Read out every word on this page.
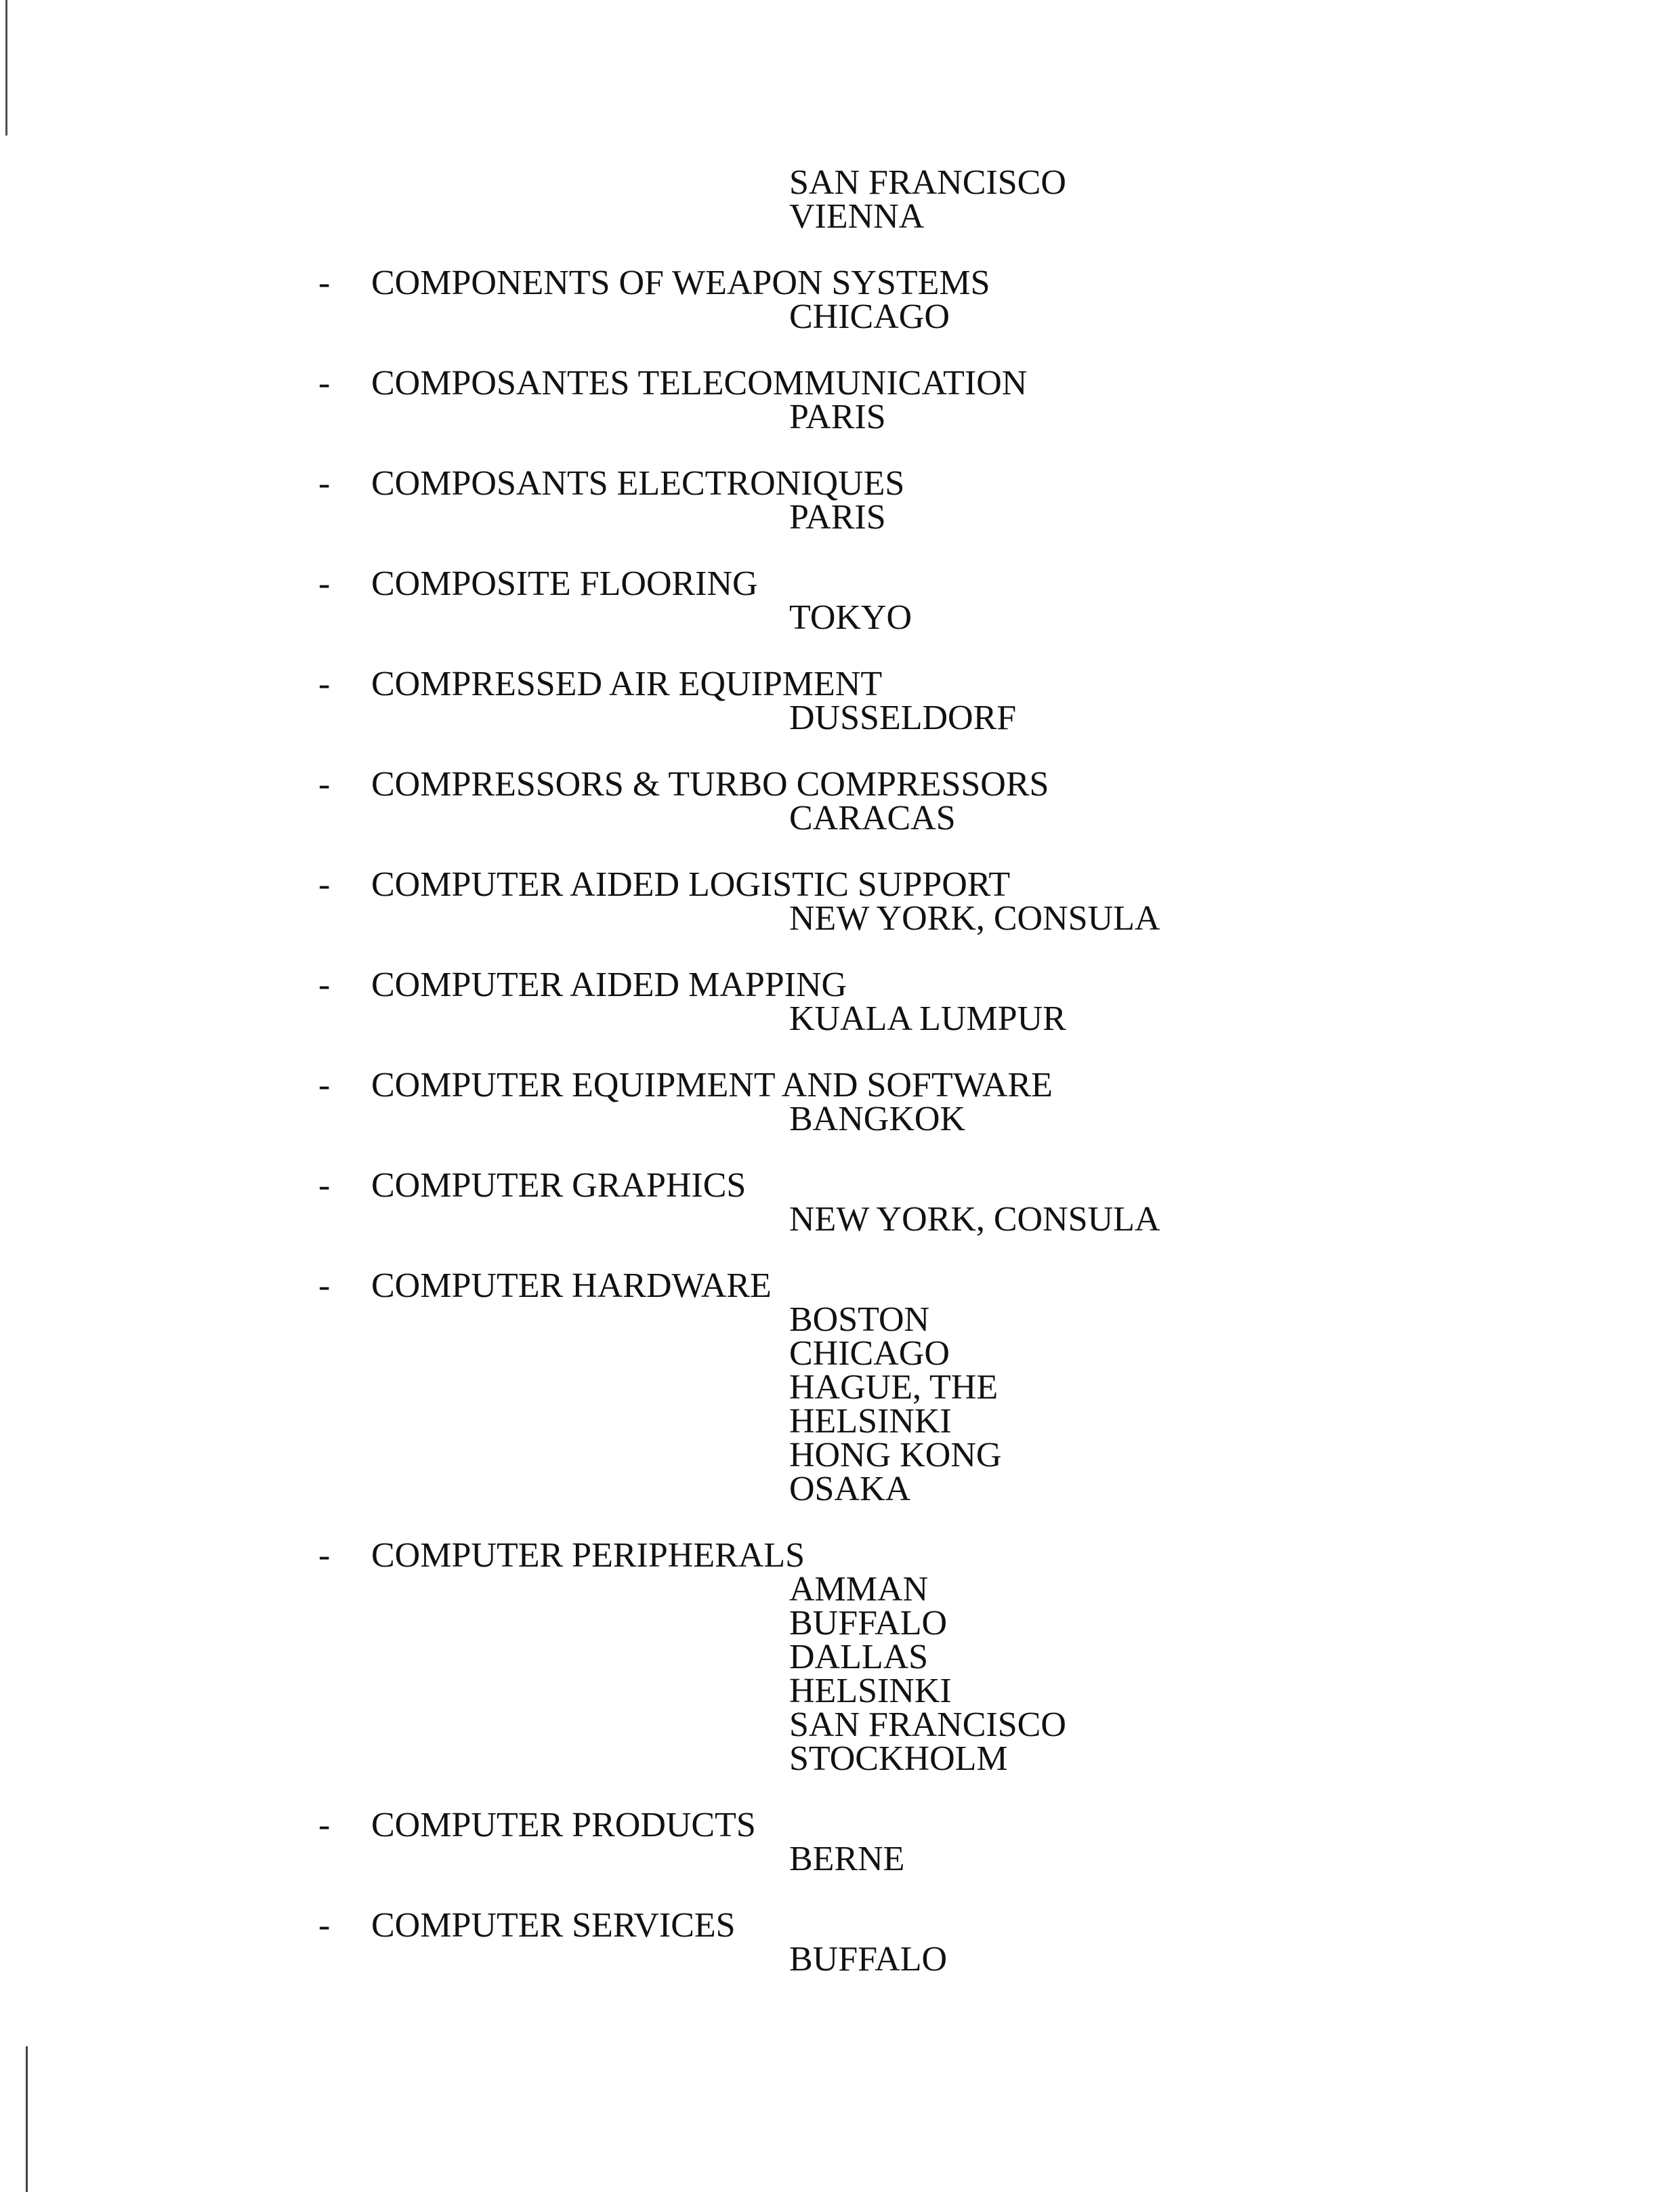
SAN FRANCISCO
VIENNA
-	COMPONENTS OF WEAPON SYSTEMS
CHICAGO
-	COMPOSANTES TELECOMMUNICATION
PARIS
-	COMPOSANTS ELECTRONIQUES
PARIS
-	COMPOSITE FLOORING
TOKYO
-	COMPRESSED AIR EQUIPMENT
DUSSELDORF
-	COMPRESSORS & TURBO COMPRESSORS
CARACAS
-	COMPUTER AIDED LOGISTIC SUPPORT
NEW YORK, CONSULA
-	COMPUTER AIDED MAPPING
KUALA LUMPUR
-	COMPUTER EQUIPMENT AND SOFTWARE
BANGKOK
-	COMPUTER GRAPHICS
NEW YORK, CONSULA
-	COMPUTER HARDWARE
BOSTON
CHICAGO
HAGUE, THE
HELSINKI
HONG KONG
OSAKA
-	COMPUTER PERIPHERALS
AMMAN
BUFFALO
DALLAS
HELSINKI
SAN FRANCISCO
STOCKHOLM
-	COMPUTER PRODUCTS
BERNE
-	COMPUTER SERVICES
BUFFALO
